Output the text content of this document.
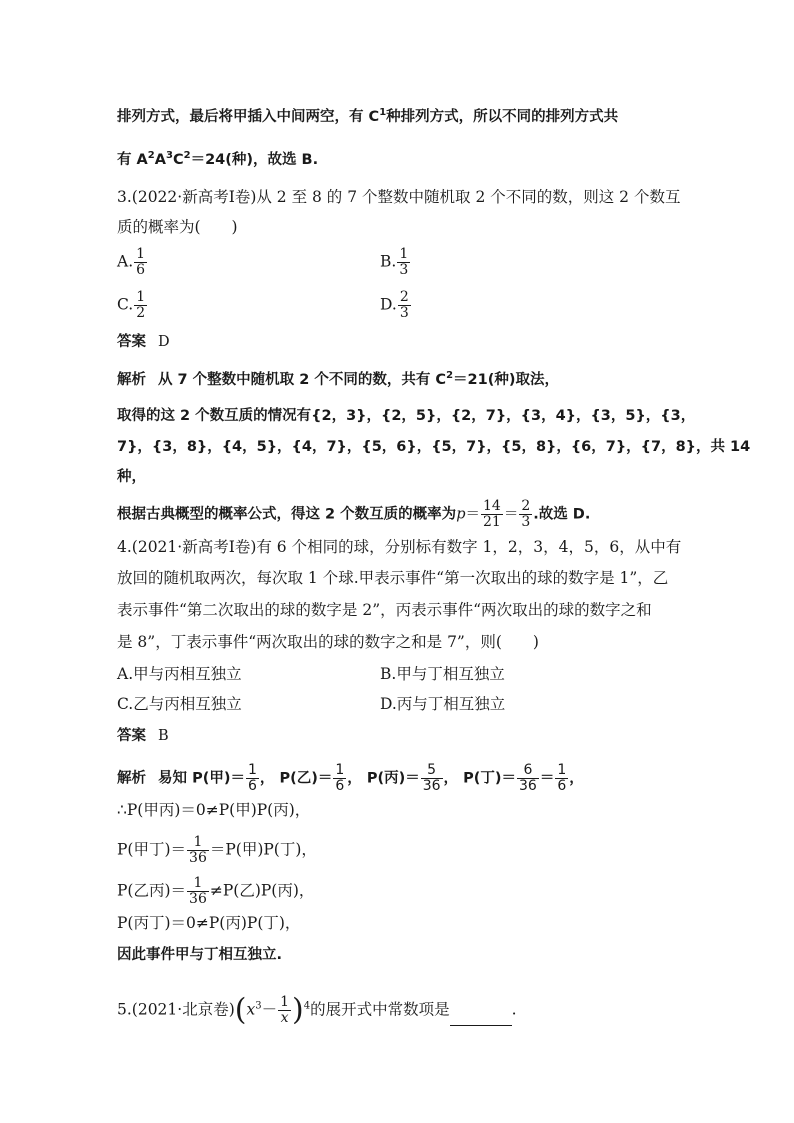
排列方式，最后将甲插入中间两空，有 $C^1$种排列方式，所以不同的排列方式共
有 $A^2A^3C^2=24$(种)，故选 B.
3.(2022·新高考Ⅰ卷)从 2 至 8 的 7 个整数中随机取 2 个不同的数，则这 2 个数互
质的概率为(　　)
A. $\frac{1}{6}$	B. $\frac{1}{3}$
C. $\frac{1}{2}$	D. $\frac{2}{3}$
答案 D
解析 从 7 个整数中随机取 2 个不同的数，共有 $C^2=21$(种)取法，
取得的这 2 个数互质的情况有{2，3}，{2，5}，{2，7}，{3，4}，{3，5}，{3，
7}，{3，8}，{4，5}，{4，7}，{5，6}，{5，7}，{5，8}，{6，7}，{7，8}，共 14
种，
根据古典概型的概率公式，得这 2 个数互质的概率为$p= \frac{14}{21} = \frac{2}{3}$ .故选 D.
4.(2021·新高考Ⅰ卷)有 6 个相同的球，分别标有数字 1，2，3，4，5，6，从中有
放回的随机取两次，每次取 1 个球.甲表示事件“第一次取出的球的数字是 1”，乙
表示事件“第二次取出的球的数字是 2”，丙表示事件“两次取出的球的数字之和
是 8”，丁表示事件“两次取出的球的数字之和是 7”，则(　　)
A.甲与丙相互独立	B.甲与丁相互独立
C.乙与丙相互独立	D.丙与丁相互独立
答案 B
解析 易知 P(甲)＝ $\frac{1}{6}$ ， P(乙)＝ $\frac{1}{6}$ ， P(丙)＝ $\frac{5}{36}$ ， P(丁)＝ $\frac{6}{36} = \frac{1}{6}$ ，
∴P(甲丙)＝0≠P(甲)P(丙)，
P(甲丁)＝ $\frac{1}{36} =P$(甲)P(丁)，
P(乙丙)＝ $\frac{1}{36} \ne P$(乙)P(丙)，
P(丙丁)＝0≠P(丙)P(丁)，
因此事件甲与丁相互独立.
5.(2021·北京卷)$(x^3- \frac{1}{x} )^4$的展开式中常数项是	.
